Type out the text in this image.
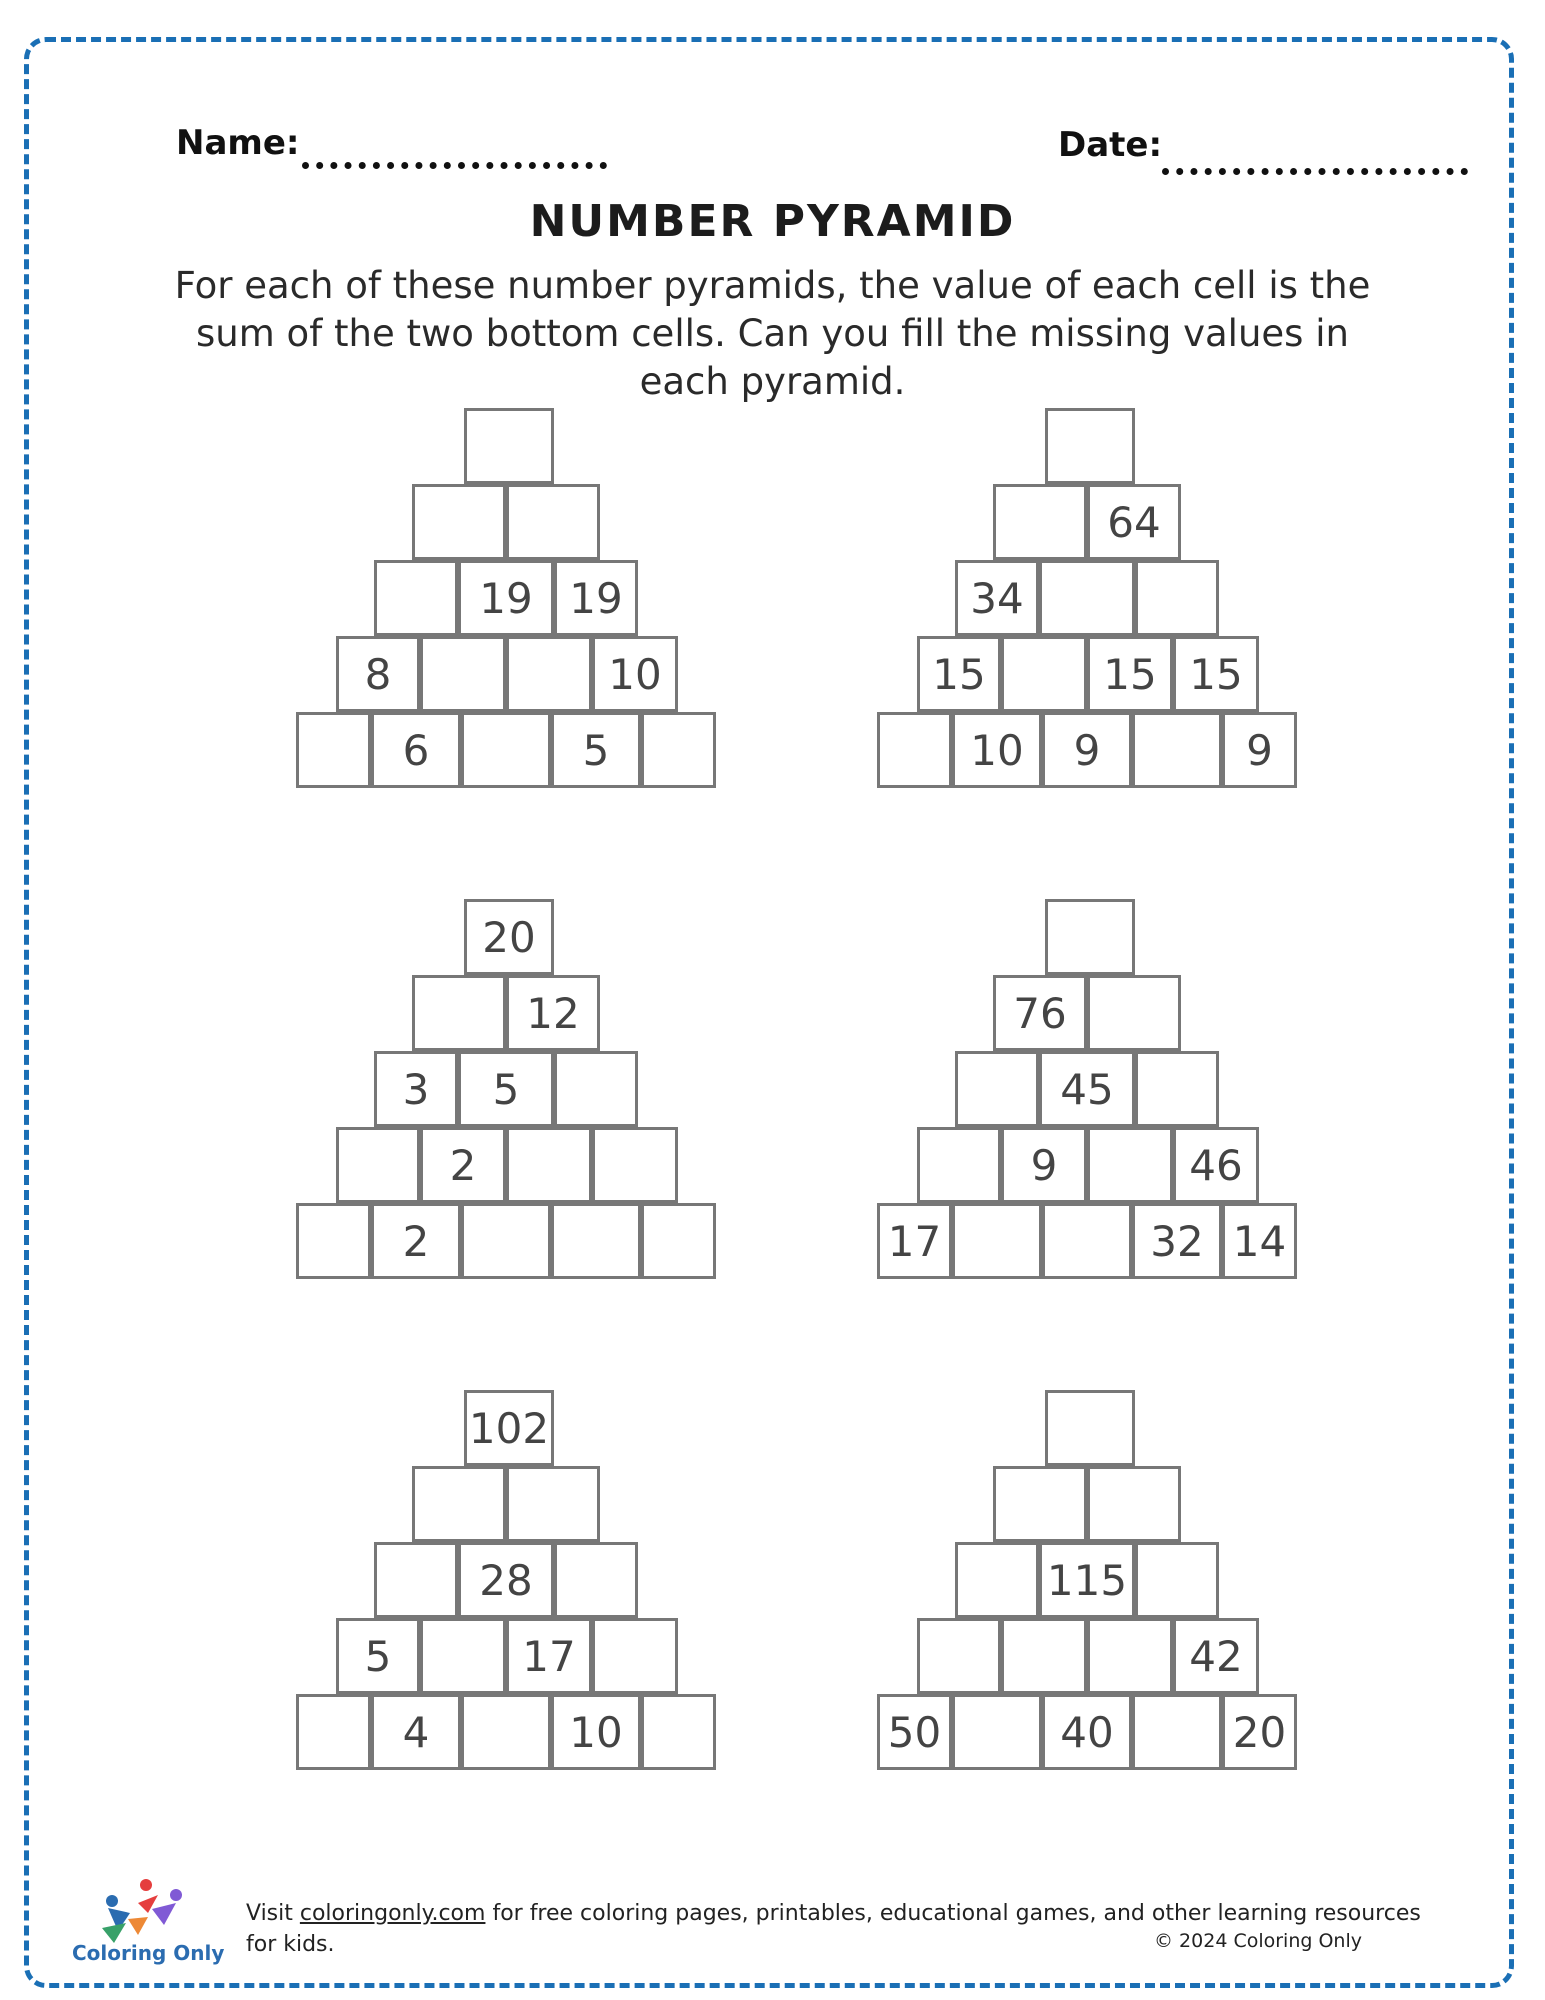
Name:	Date:
NUMBER PYRAMID
For each of these number pyramids, the value of each cell is the sum of the two bottom cells. Can you fill the missing values in each pyramid.
6	5
8	10
19 19
10	9	9
15	15 15
34
64
2
2
3	5
12
20
17	32 14
9	46
45
76
4	10
5	17
28
102
50	40	20
42
115
Coloring Only
Visit coloringonly.com for free coloring pages, printables, educational games, and other learning resources for kids.	© 2024 Coloring Only
